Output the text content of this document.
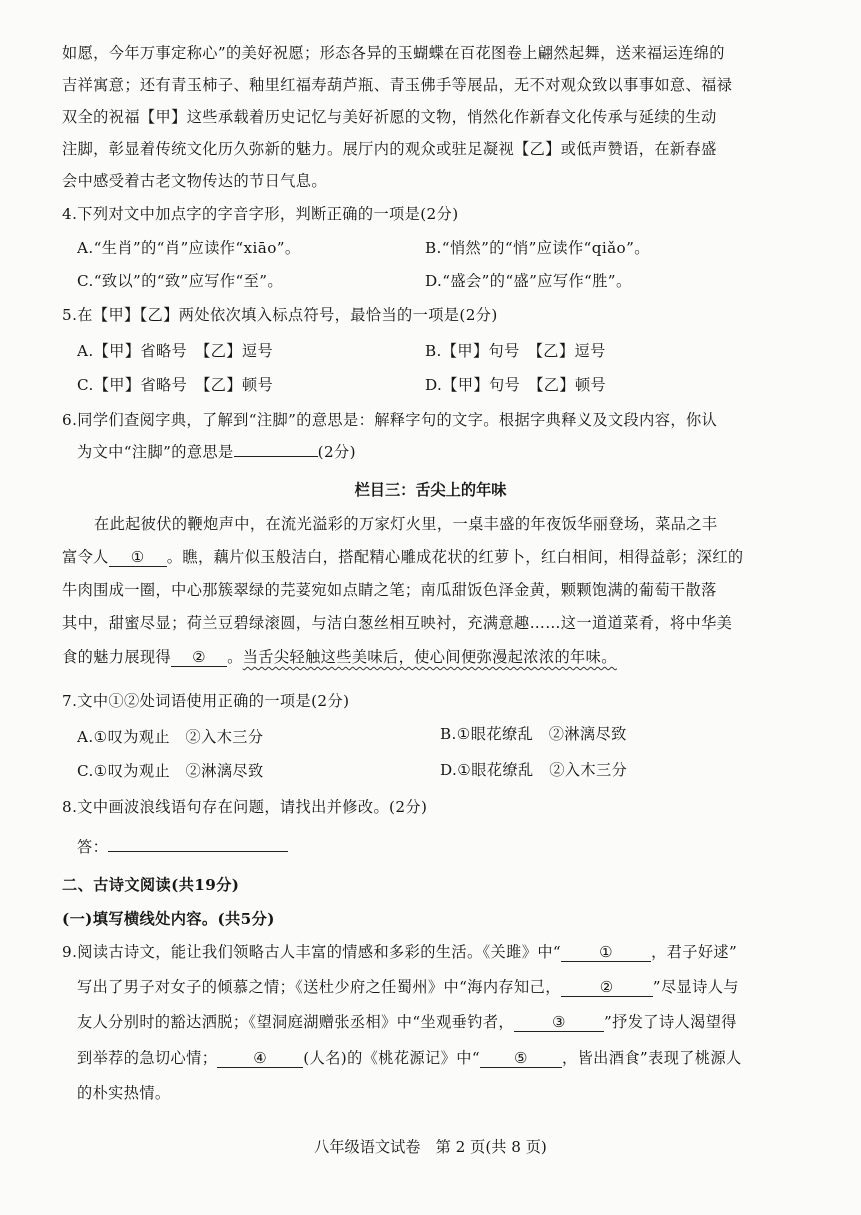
如愿，今年万事定称心”的美好祝愿；形态各异的玉蝴蝶在百花图卷上翩然起舞，送来福运连绵的
吉祥寓意；还有青玉柿子、釉里红福寿葫芦瓶、青玉佛手等展品，无不对观众致以事事如意、福禄
双全的祝福【甲】这些承载着历史记忆与美好祈愿的文物，悄然化作新春文化传承与延续的生动
注脚，彰显着传统文化历久弥新的魅力。展厅内的观众或驻足凝视【乙】或低声赞语，在新春盛
会中感受着古老文物传达的节日气息。
4.下列对文中加点字的字音字形，判断正确的一项是(2分)
A.“生肖”的“肖”应读作“xiāo”。	B.“悄然”的“悄”应读作“qiǎo”。
C.“致以”的“致”应写作“至”。	D.“盛会”的“盛”应写作“胜”。
5.在【甲】【乙】两处依次填入标点符号，最恰当的一项是(2分)
A.【甲】省略号　【乙】逗号	B.【甲】句号　【乙】逗号
C.【甲】省略号　【乙】顿号	D.【甲】句号　【乙】顿号
6.同学们查阅字典，了解到“注脚”的意思是：解释字句的文字。根据字典释义及文段内容，你认
为文中“注脚”的意思是	(2分)
栏目三：舌尖上的年味
在此起彼伏的鞭炮声中，在流光溢彩的万家灯火里，一桌丰盛的年夜饭华丽登场，菜品之丰
富令人 ① 。瞧，藕片似玉般洁白，搭配精心雕成花状的红萝卜，红白相间，相得益彰；深红的
牛肉围成一圈，中心那簇翠绿的芫荽宛如点睛之笔；南瓜甜饭色泽金黄，颗颗饱满的葡萄干散落
其中，甜蜜尽显；荷兰豆碧绿滚圆，与洁白葱丝相互映衬，充满意趣……这一道道菜肴，将中华美
食的魅力展现得 ② 。当舌尖轻触这些美味后，使心间便弥漫起浓浓的年味。
7.文中①②处词语使用正确的一项是(2分)
A.①叹为观止　②入木三分	B.①眼花缭乱　②淋漓尽致
C.①叹为观止　②淋漓尽致	D.①眼花缭乱　②入木三分
8.文中画波浪线语句存在问题，请找出并修改。(2分)
答：
二、古诗文阅读(共19分)
(一)填写横线处内容。(共5分)
9.阅读古诗文，能让我们领略古人丰富的情感和多彩的生活。《关雎》中“ ①	，君子好逑”
写出了男子对女子的倾慕之情；《送杜少府之任蜀州》中“海内存知己，	②	”尽显诗人与
友人分别时的豁达洒脱；《望洞庭湖赠张丞相》中“坐观垂钓者， ③	”抒发了诗人渴望得
到举荐的急切心情； ④ (人名)的《桃花源记》中“ ⑤ ，皆出酒食”表现了桃源人
的朴实热情。
八年级语文试卷　第 2 页(共 8 页)
